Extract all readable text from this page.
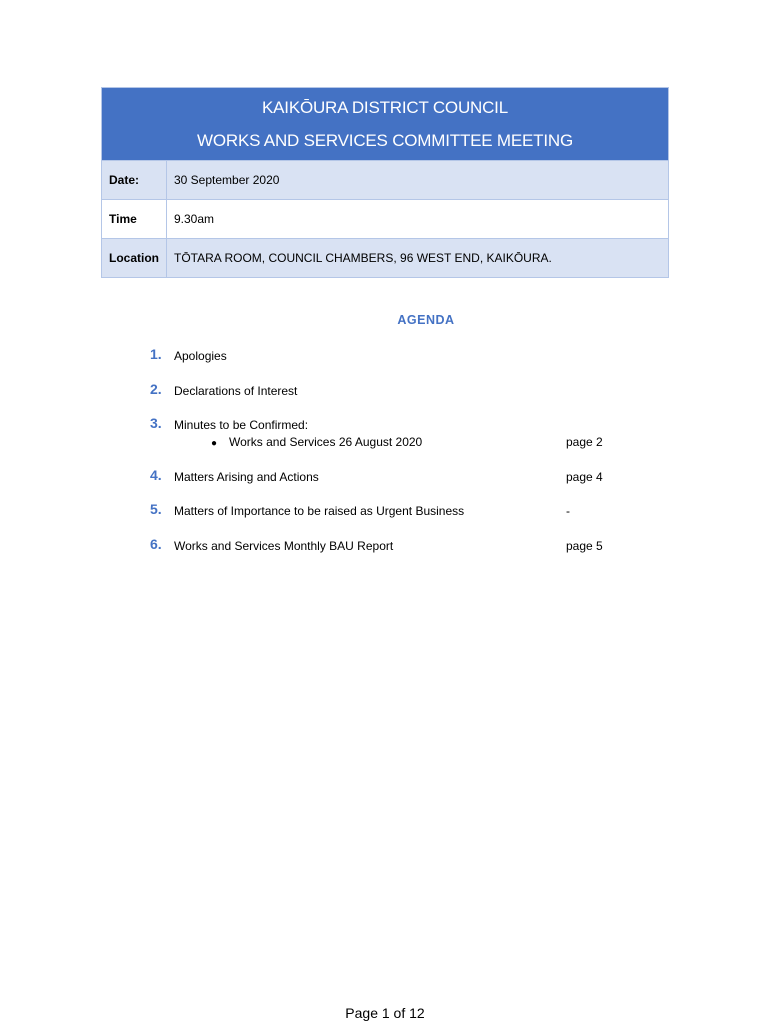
KAIKŌURA DISTRICT COUNCIL
WORKS AND SERVICES COMMITTEE MEETING	

Date:	30 September 2020
Time	9.30am
Location	TŌTARA ROOM, COUNCIL CHAMBERS, 96 WEST END, KAIKŌURA.
AGENDA
1. Apologies
2. Declarations of Interest
3. Minutes to be Confirmed:
● Works and Services 26 August 2020	page 2
4. Matters Arising and Actions	page 4
5. Matters of Importance to be raised as Urgent Business	-
6. Works and Services Monthly BAU Report	page 5
Page 1 of 12
